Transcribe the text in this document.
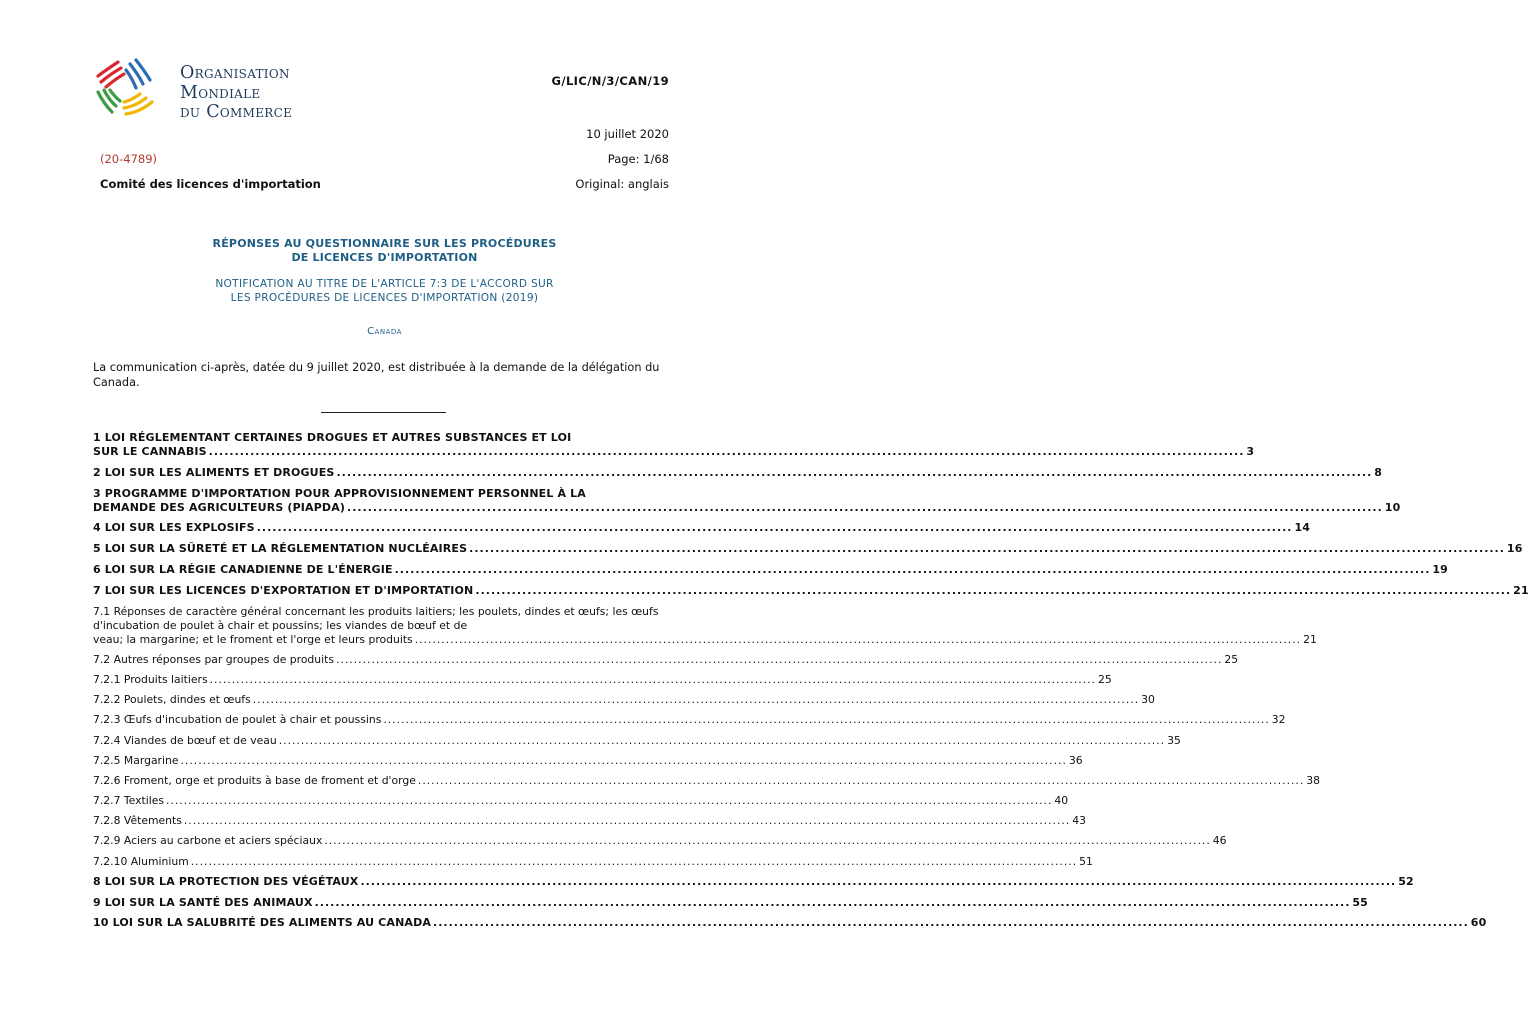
Organisation
Mondiale
du Commerce
G/LIC/N/3/CAN/19
10 juillet 2020
(20-4789)	Page: 1/68
Comité des licences d'importation	Original: anglais
RÉPONSES AU QUESTIONNAIRE SUR LES PROCÉDURES
DE LICENCES D'IMPORTATION
NOTIFICATION AU TITRE DE L'ARTICLE 7:3 DE L'ACCORD SUR
LES PROCÉDURES DE LICENCES D'IMPORTATION (2019)
Canada
La communication ci-après, datée du 9 juillet 2020, est distribuée à la demande de la délégation du Canada.
1 LOI RÉGLEMENTANT CERTAINES DROGUES ET AUTRES SUBSTANCES ET LOI
SUR LE CANNABIS ........................................................................................................................................................................................................ 3
2 LOI SUR LES ALIMENTS ET DROGUES ........................................................................................................................................................................................................ 8
3 PROGRAMME D'IMPORTATION POUR APPROVISIONNEMENT PERSONNEL À LA
DEMANDE DES AGRICULTEURS (PIAPDA) ........................................................................................................................................................................................................ 10
4 LOI SUR LES EXPLOSIFS ........................................................................................................................................................................................................ 14
5 LOI SUR LA SÛRETÉ ET LA RÉGLEMENTATION NUCLÉAIRES ........................................................................................................................................................................................................ 16
6 LOI SUR LA RÉGIE CANADIENNE DE L'ÉNERGIE ........................................................................................................................................................................................................ 19
7 LOI SUR LES LICENCES D'EXPORTATION ET D'IMPORTATION ........................................................................................................................................................................................................ 21
7.1 Réponses de caractère général concernant les produits laitiers; les poulets, dindes et œufs; les œufs d'incubation de poulet à chair et poussins; les viandes de bœuf et de
veau; la margarine; et le froment et l'orge et leurs produits ........................................................................................................................................................................................................ 21
7.2 Autres réponses par groupes de produits ........................................................................................................................................................................................................ 25
7.2.1 Produits laitiers ........................................................................................................................................................................................................ 25
7.2.2 Poulets, dindes et œufs ........................................................................................................................................................................................................ 30
7.2.3 Œufs d'incubation de poulet à chair et poussins ........................................................................................................................................................................................................ 32
7.2.4 Viandes de bœuf et de veau ........................................................................................................................................................................................................ 35
7.2.5 Margarine ........................................................................................................................................................................................................ 36
7.2.6 Froment, orge et produits à base de froment et d'orge ........................................................................................................................................................................................................ 38
7.2.7 Textiles ........................................................................................................................................................................................................ 40
7.2.8 Vêtements ........................................................................................................................................................................................................ 43
7.2.9 Aciers au carbone et aciers spéciaux ........................................................................................................................................................................................................ 46
7.2.10 Aluminium ........................................................................................................................................................................................................ 51
8 LOI SUR LA PROTECTION DES VÉGÉTAUX ........................................................................................................................................................................................................ 52
9 LOI SUR LA SANTÉ DES ANIMAUX ........................................................................................................................................................................................................ 55
10 LOI SUR LA SALUBRITÉ DES ALIMENTS AU CANADA ........................................................................................................................................................................................................ 60
